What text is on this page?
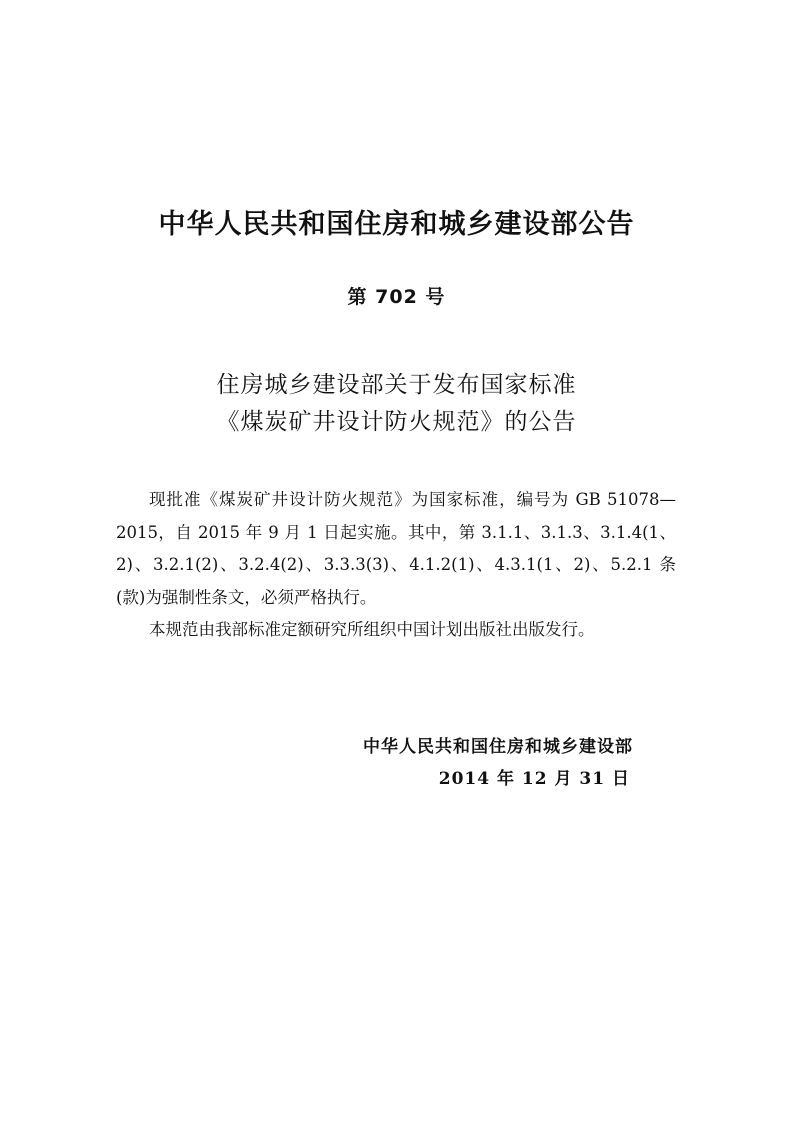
中华人民共和国住房和城乡建设部公告
第 702 号
住房城乡建设部关于发布国家标准
《煤炭矿井设计防火规范》的公告

现批准《煤炭矿井设计防火规范》为国家标准，编号为 GB 51078—2015，自 2015 年 9 月 1 日起实施。其中，第 3.1.1、3.1.3、3.1.4(1、2)、3.2.1(2)、3.2.4(2)、3.3.3(3)、4.1.2(1)、4.3.1(1、2)、5.2.1 条(款)为强制性条文，必须严格执行。

本规范由我部标准定额研究所组织中国计划出版社出版发行。

中华人民共和国住房和城乡建设部

2014 年 12 月 31 日
